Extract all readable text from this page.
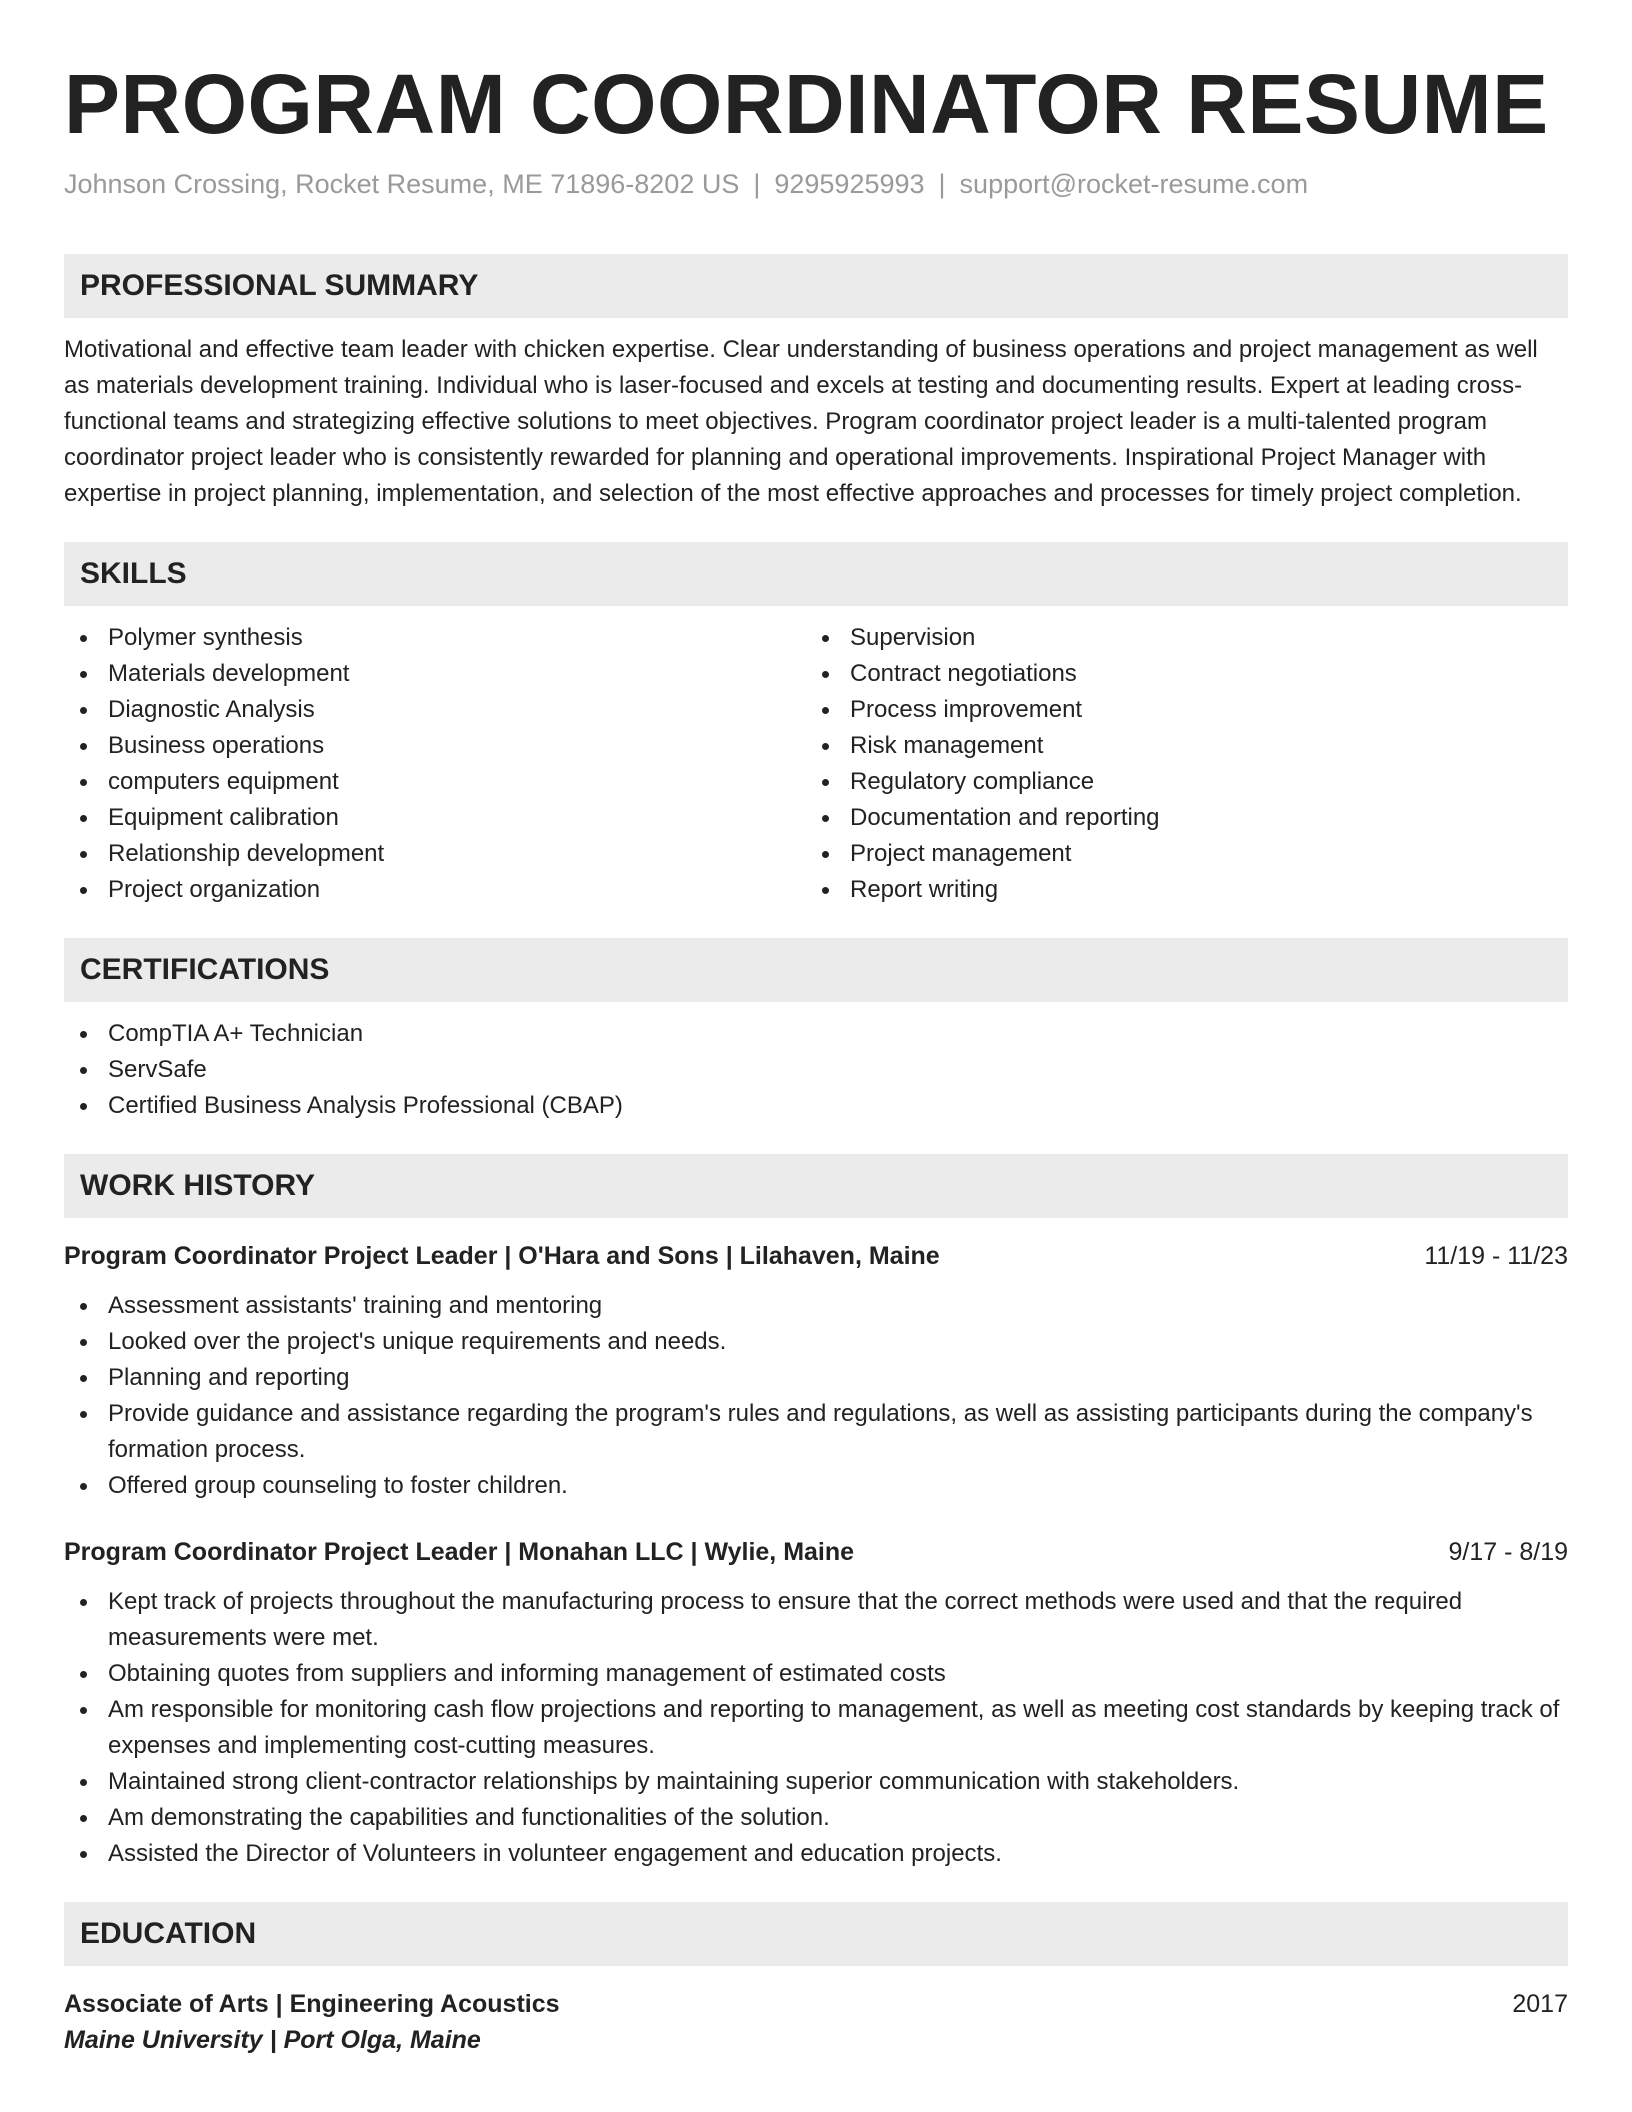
PROGRAM COORDINATOR RESUME
Johnson Crossing, Rocket Resume, ME 71896-8202 US | 9295925993 | support@rocket-resume.com
PROFESSIONAL SUMMARY

Motivational and effective team leader with chicken expertise. Clear understanding of business operations and project management as well as materials development training. Individual who is laser-focused and excels at testing and documenting results. Expert at leading cross-functional teams and strategizing effective solutions to meet objectives. Program coordinator project leader is a multi-talented program coordinator project leader who is consistently rewarded for planning and operational improvements. Inspirational Project Manager with expertise in project planning, implementation, and selection of the most effective approaches and processes for timely project completion.

SKILLS
Polymer synthesis
Materials development
Diagnostic Analysis
Business operations
computers equipment
Equipment calibration
Relationship development
Project organization
Supervision
Contract negotiations
Process improvement
Risk management
Regulatory compliance
Documentation and reporting
Project management
Report writing
CERTIFICATIONS
CompTIA A+ Technician
ServSafe
Certified Business Analysis Professional (CBAP)
WORK HISTORY
Program Coordinator Project Leader | O'Hara and Sons | Lilahaven, Maine	11/19 - 11/23
Assessment assistants' training and mentoring
Looked over the project's unique requirements and needs.
Planning and reporting
Provide guidance and assistance regarding the program's rules and regulations, as well as assisting participants during the company's formation process.
Offered group counseling to foster children.
Program Coordinator Project Leader | Monahan LLC | Wylie, Maine	9/17 - 8/19
Kept track of projects throughout the manufacturing process to ensure that the correct methods were used and that the required measurements were met.
Obtaining quotes from suppliers and informing management of estimated costs
Am responsible for monitoring cash flow projections and reporting to management, as well as meeting cost standards by keeping track of expenses and implementing cost-cutting measures.
Maintained strong client-contractor relationships by maintaining superior communication with stakeholders.
Am demonstrating the capabilities and functionalities of the solution.
Assisted the Director of Volunteers in volunteer engagement and education projects.
EDUCATION
Associate of Arts | Engineering Acoustics	2017
Maine University | Port Olga, Maine
